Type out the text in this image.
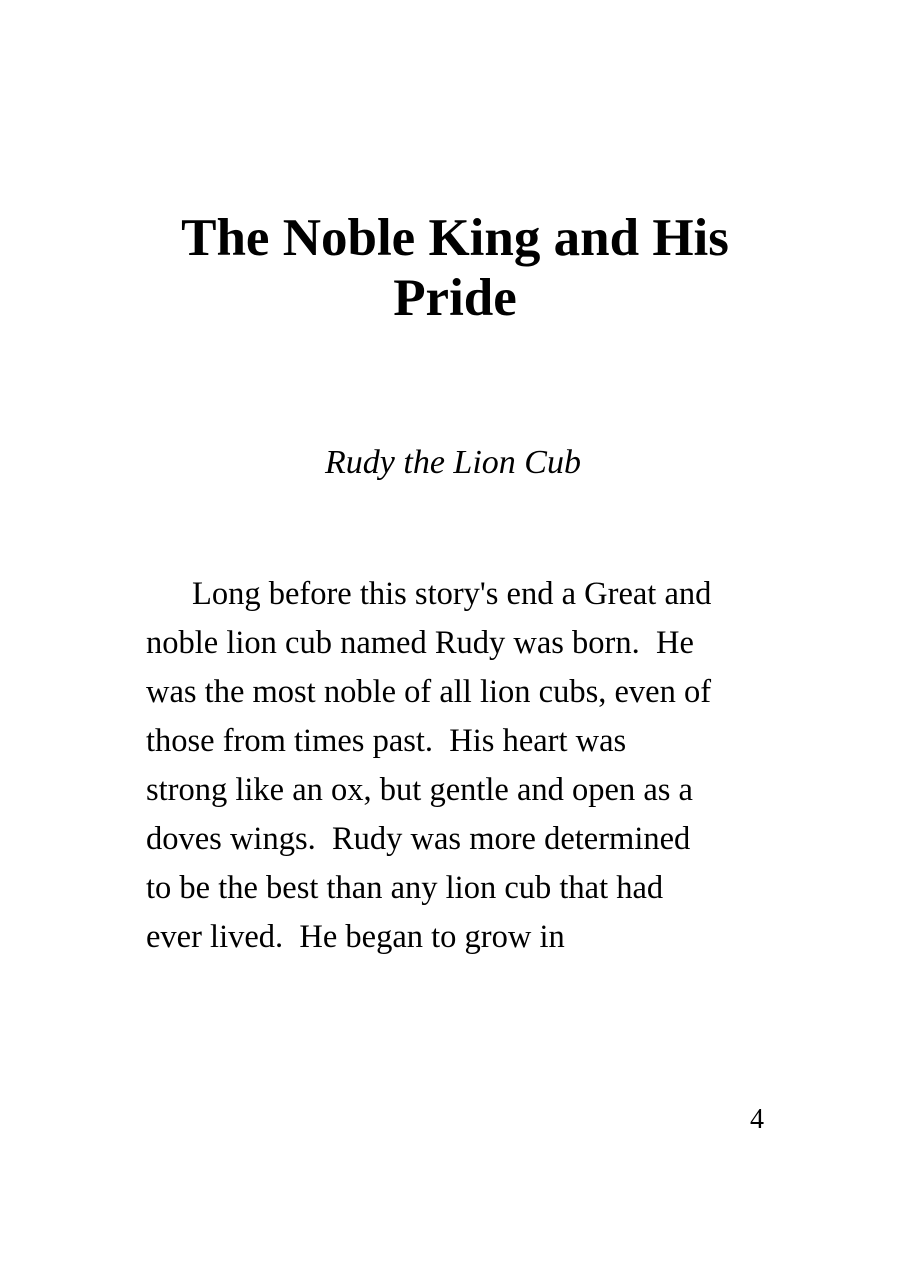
The Noble King and His
Pride
Rudy the Lion Cub
Long before this story's end a Great and
noble lion cub named Rudy was born.  He
was the most noble of all lion cubs, even of
those from times past.  His heart was
strong like an ox, but gentle and open as a
doves wings.  Rudy was more determined
to be the best than any lion cub that had
ever lived.  He began to grow in
4
